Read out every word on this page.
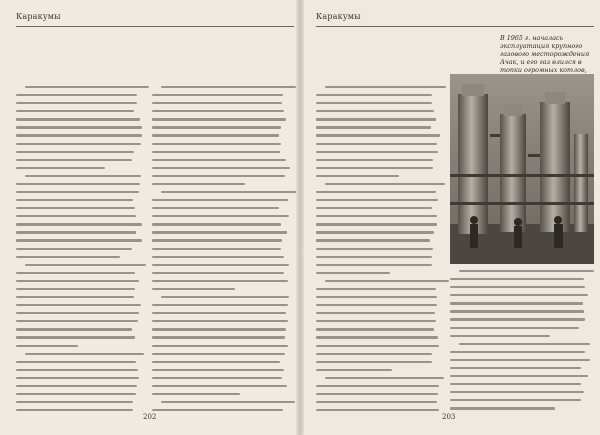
Каракумы
202
Каракумы
В 1965 г. началась эксплуатация крупного газового месторождения Ачак, и его газ влился в топки огромных котлов,
203
